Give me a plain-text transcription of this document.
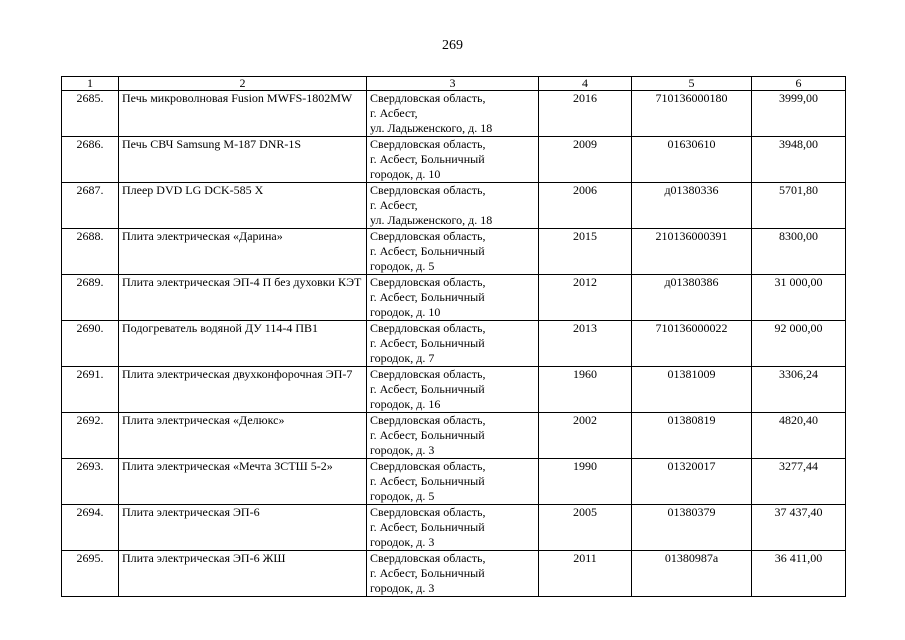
269
1	2	3	4	5	6
2685.	Печь микроволновая Fusion MWFS-1802MW	Свердловская область,
г. Асбест,
ул. Ладыженского, д. 18	2016	710136000180	3999,00
2686.	Печь СВЧ Samsung M-187 DNR-1S	Свердловская область,
г. Асбест, Больничный
городок, д. 10	2009	01630610	3948,00
2687.	Плеер DVD LG DCK-585 X	Свердловская область,
г. Асбест,
ул. Ладыженского, д. 18	2006	д01380336	5701,80
2688.	Плита электрическая «Дарина»	Свердловская область,
г. Асбест, Больничный
городок, д. 5	2015	210136000391	8300,00
2689.	Плита электрическая ЭП-4 П без духовки КЭТ	Свердловская область,
г. Асбест, Больничный
городок, д. 10	2012	д01380386	31 000,00
2690.	Подогреватель водяной ДУ 114-4 ПВ1	Свердловская область,
г. Асбест, Больничный
городок, д. 7	2013	710136000022	92 000,00
2691.	Плита электрическая двухконфорочная ЭП-7	Свердловская область,
г. Асбест, Больничный
городок, д. 16	1960	01381009	3306,24
2692.	Плита электрическая «Делюкс»	Свердловская область,
г. Асбест, Больничный
городок, д. 3	2002	01380819	4820,40
2693.	Плита электрическая «Мечта ЗСТШ 5-2»	Свердловская область,
г. Асбест, Больничный
городок, д. 5	1990	01320017	3277,44
2694.	Плита электрическая ЭП-6	Свердловская область,
г. Асбест, Больничный
городок, д. 3	2005	01380379	37 437,40
2695.	Плита электрическая ЭП-6 ЖШ	Свердловская область,
г. Асбест, Больничный
городок, д. 3	2011	01380987а	36 411,00
